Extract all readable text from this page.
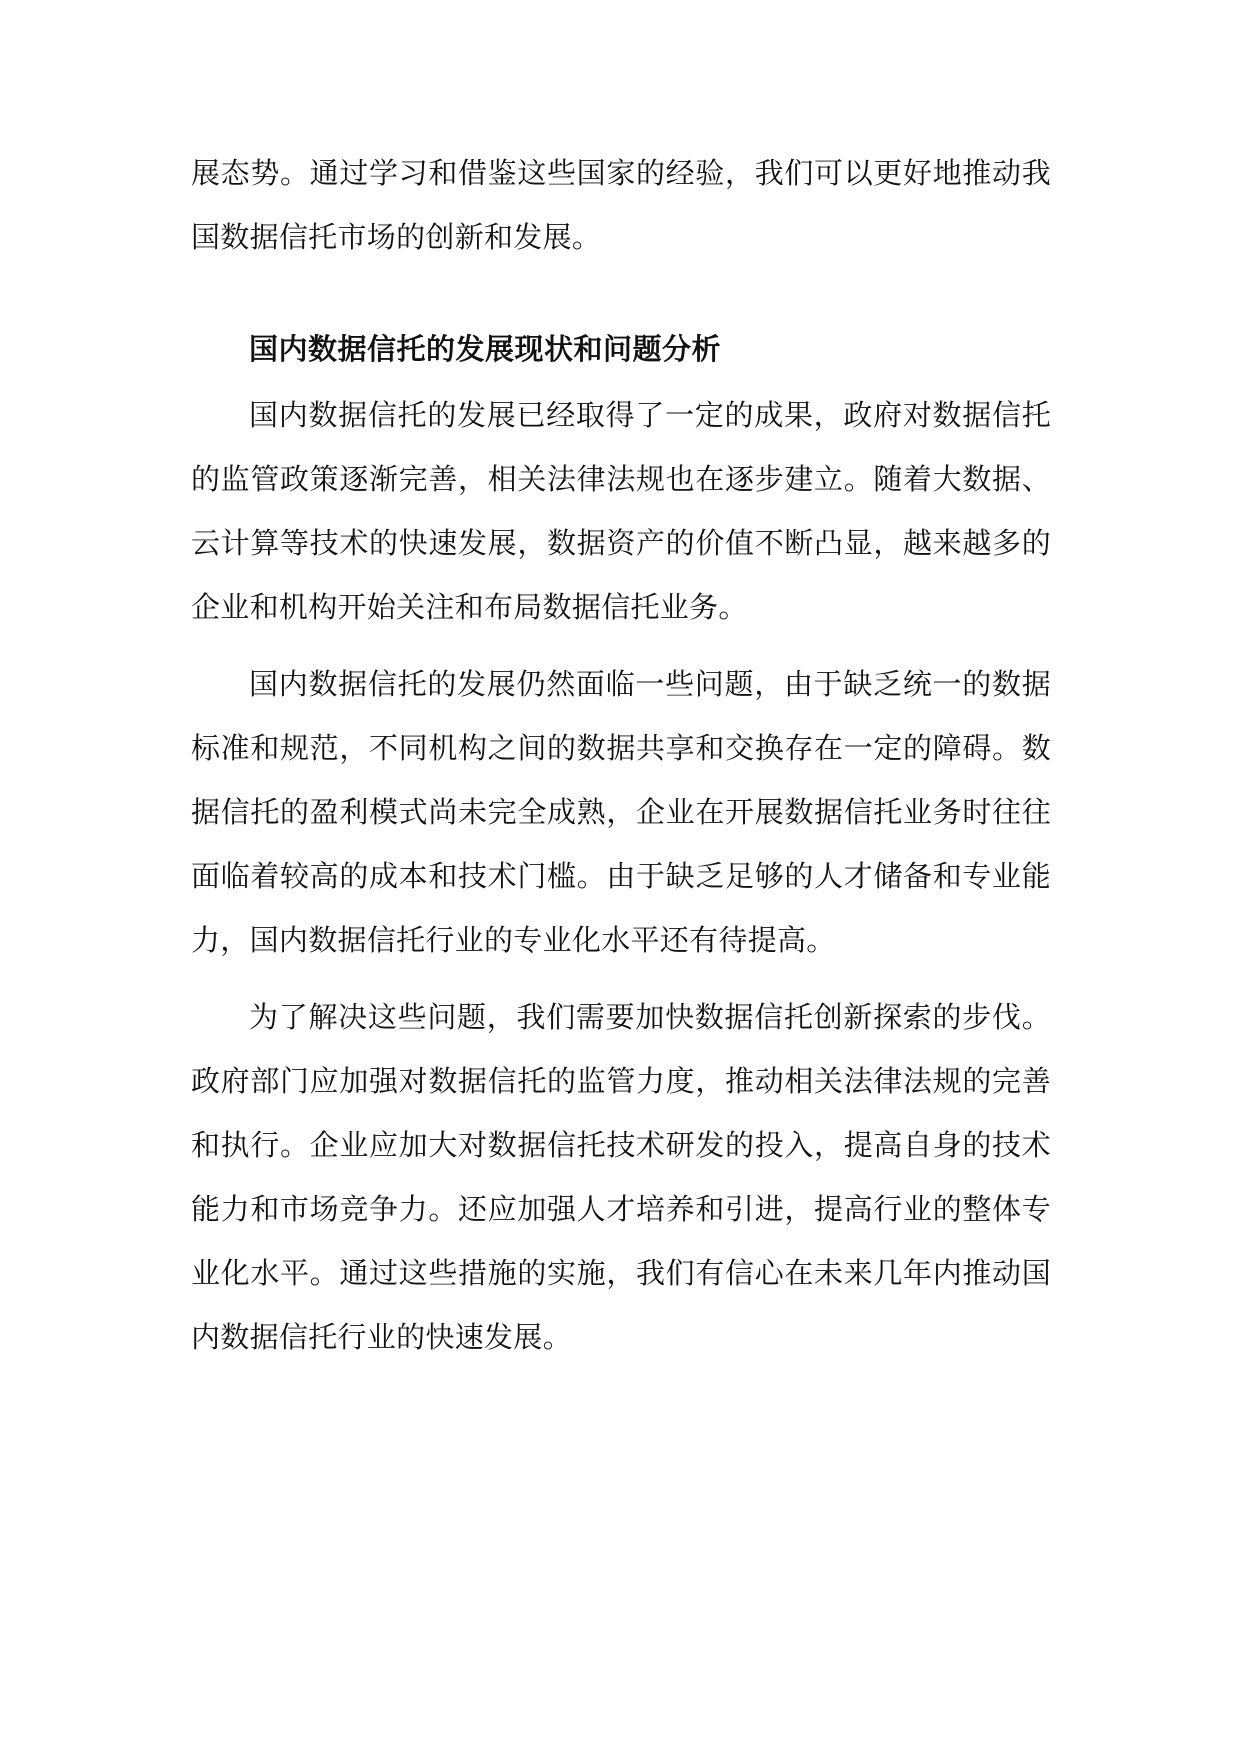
展态势。通过学习和借鉴这些国家的经验，我们可以更好地推动我国数据信托市场的创新和发展。

国内数据信托的发展现状和问题分析

国内数据信托的发展已经取得了一定的成果，政府对数据信托的监管政策逐渐完善，相关法律法规也在逐步建立。随着大数据、云计算等技术的快速发展，数据资产的价值不断凸显，越来越多的企业和机构开始关注和布局数据信托业务。

国内数据信托的发展仍然面临一些问题，由于缺乏统一的数据标准和规范，不同机构之间的数据共享和交换存在一定的障碍。数据信托的盈利模式尚未完全成熟，企业在开展数据信托业务时往往面临着较高的成本和技术门槛。由于缺乏足够的人才储备和专业能力，国内数据信托行业的专业化水平还有待提高。

为了解决这些问题，我们需要加快数据信托创新探索的步伐。政府部门应加强对数据信托的监管力度，推动相关法律法规的完善和执行。企业应加大对数据信托技术研发的投入，提高自身的技术能力和市场竞争力。还应加强人才培养和引进，提高行业的整体专业化水平。通过这些措施的实施，我们有信心在未来几年内推动国内数据信托行业的快速发展。
